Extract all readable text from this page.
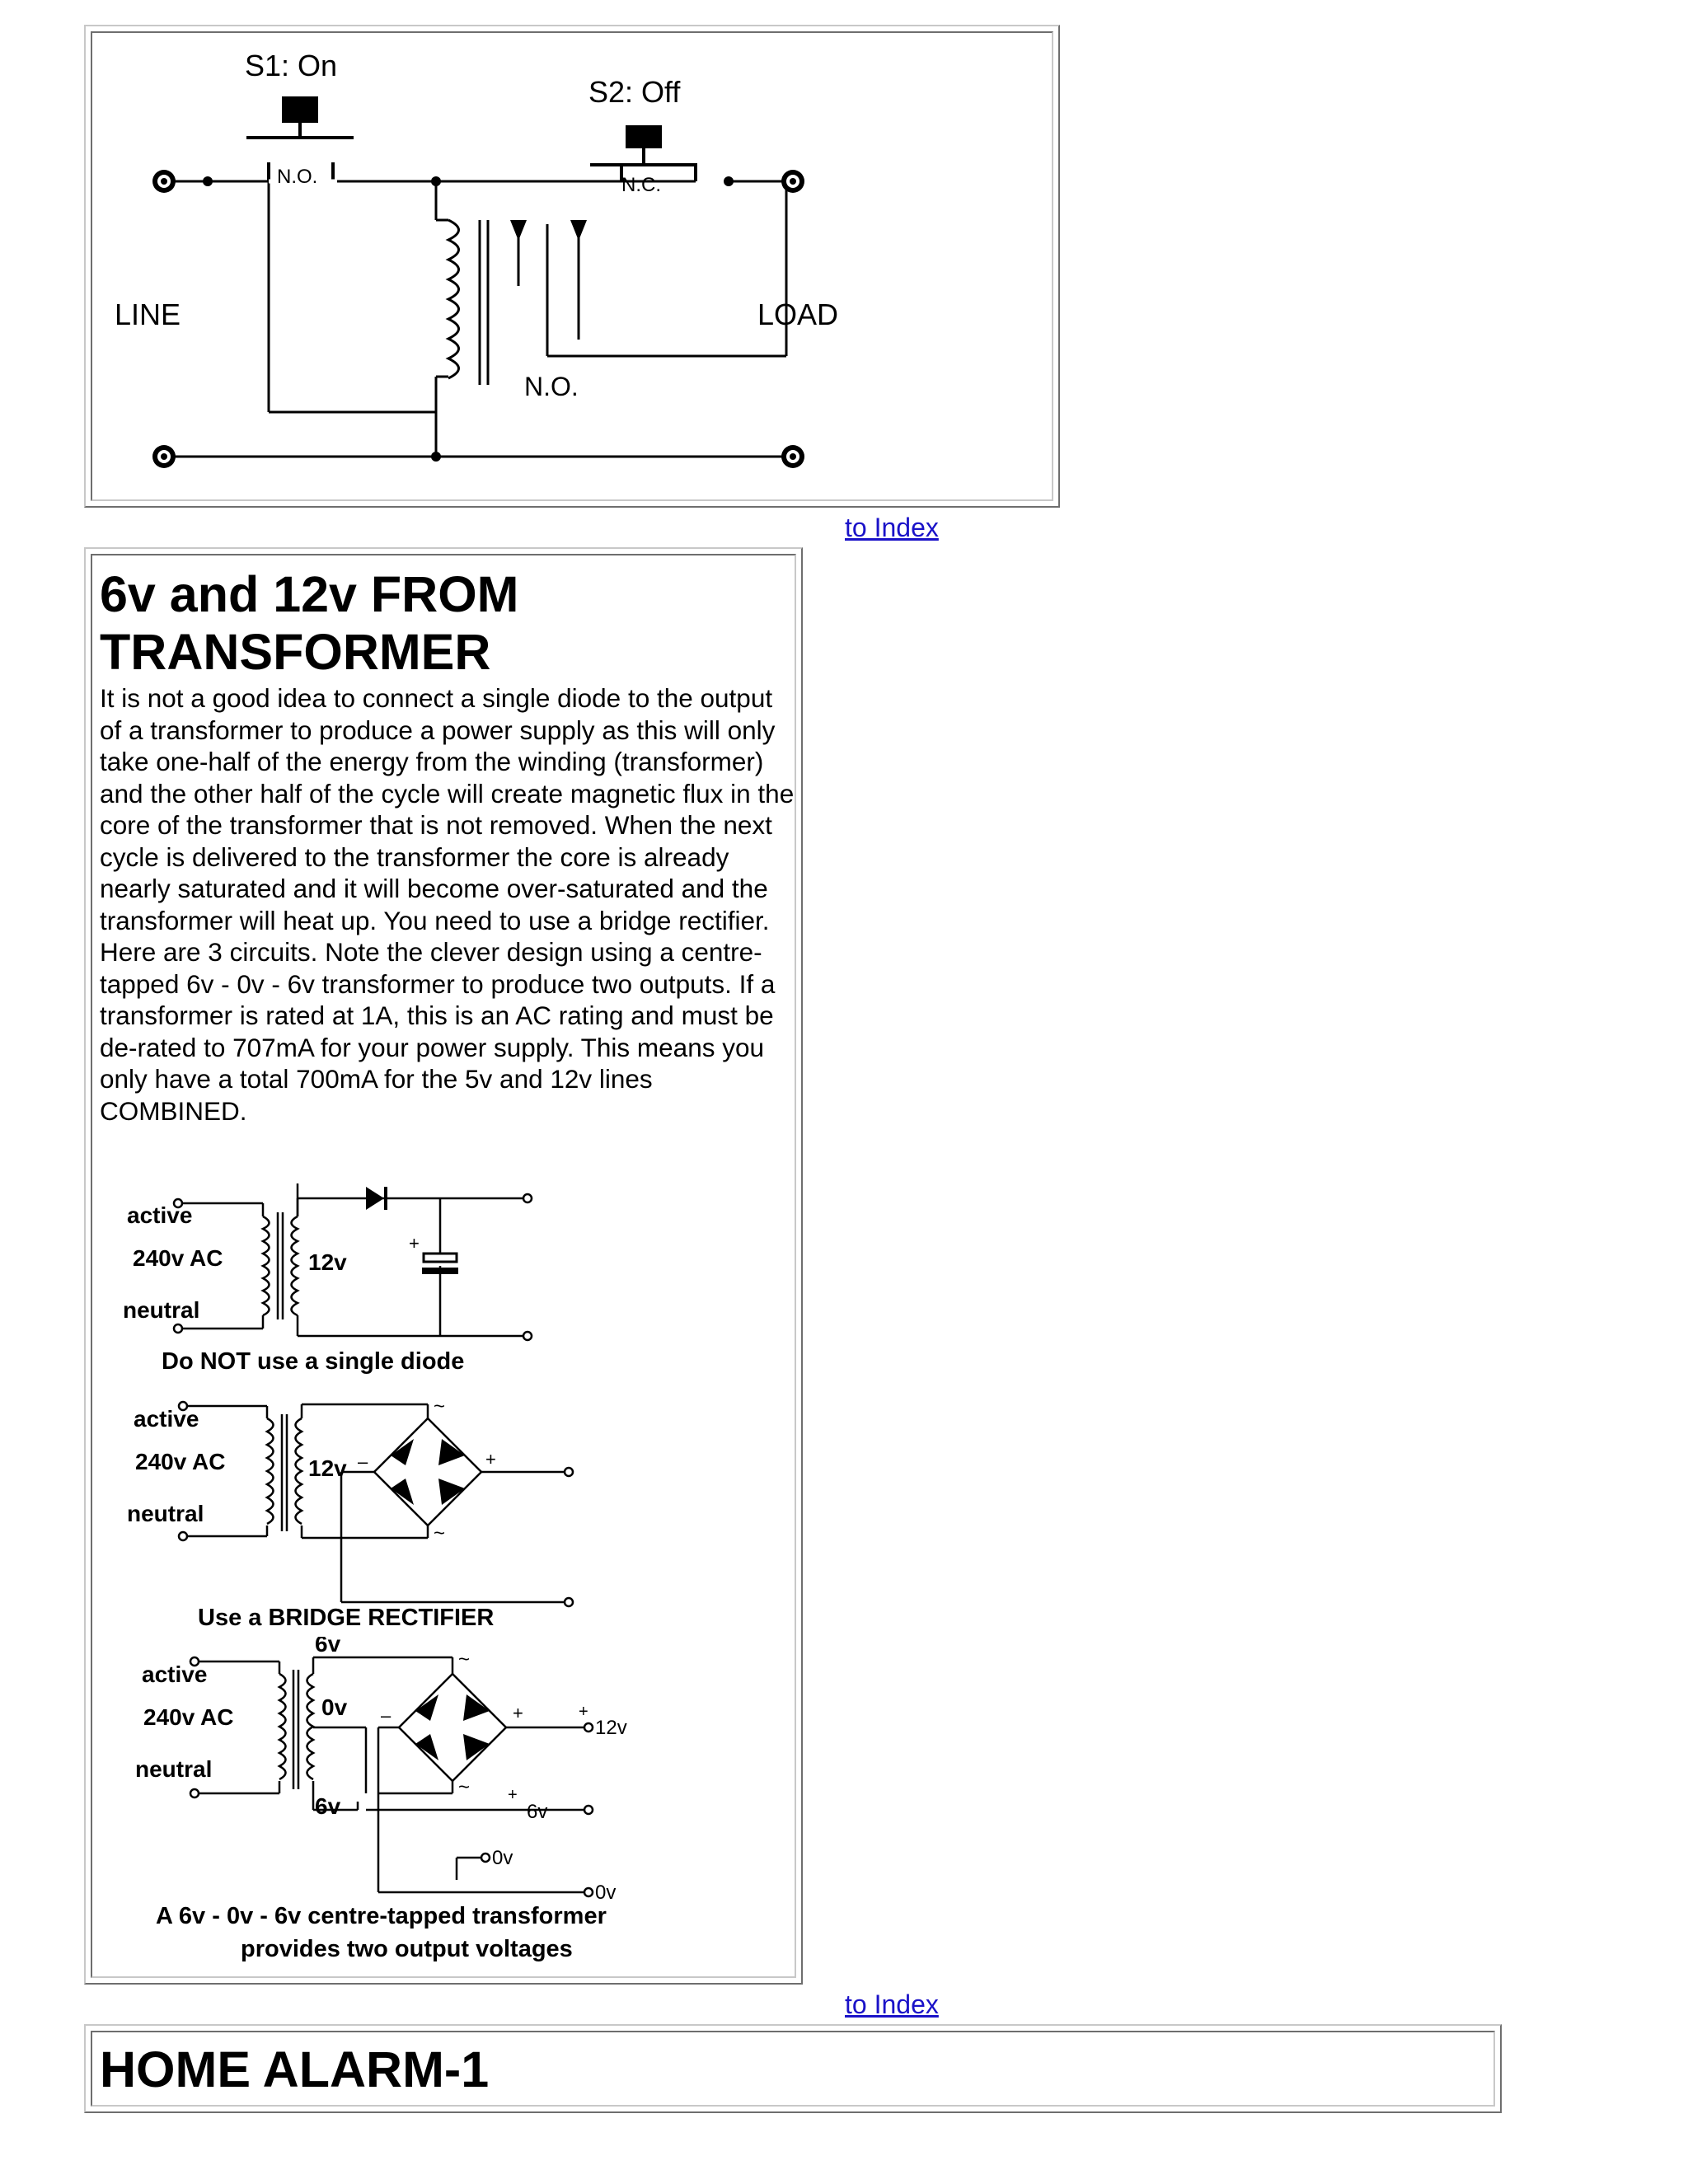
S1: On
N.O.
S2: Off
N.C.
N.O.
LINE	LOAD
to Index
6v and 12v FROM TRANSFORMER

It is not a good idea to connect a single diode to the output of a transformer to produce a power supply as this will only take one-half of the energy from the winding (transformer) and the other half of the cycle will create magnetic flux in the core of the transformer that is not removed. When the next cycle is delivered to the transformer the core is already nearly saturated and it will become over-saturated and the transformer will heat up. You need to use a bridge rectifier. Here are 3 circuits. Note the clever design using a centre-tapped 6v - 0v - 6v transformer to produce two outputs. If a transformer is rated at 1A, this is an AC rating and must be de-rated to 707mA for your power supply. This means you only have a total 700mA for the 5v and 12v lines COMBINED.

+
active
240v AC
neutral
12v
Do NOT use a single diode
~
~
–	+
active
240v AC
neutral
12v
Use a BRIDGE RECTIFIER
~
~
–	+	+
12v
+
6v
0v
0v
6v
0v
6v
active
240v AC
neutral
A 6v - 0v - 6v centre-tapped transformer
provides two output voltages
to Index
HOME ALARM-1
